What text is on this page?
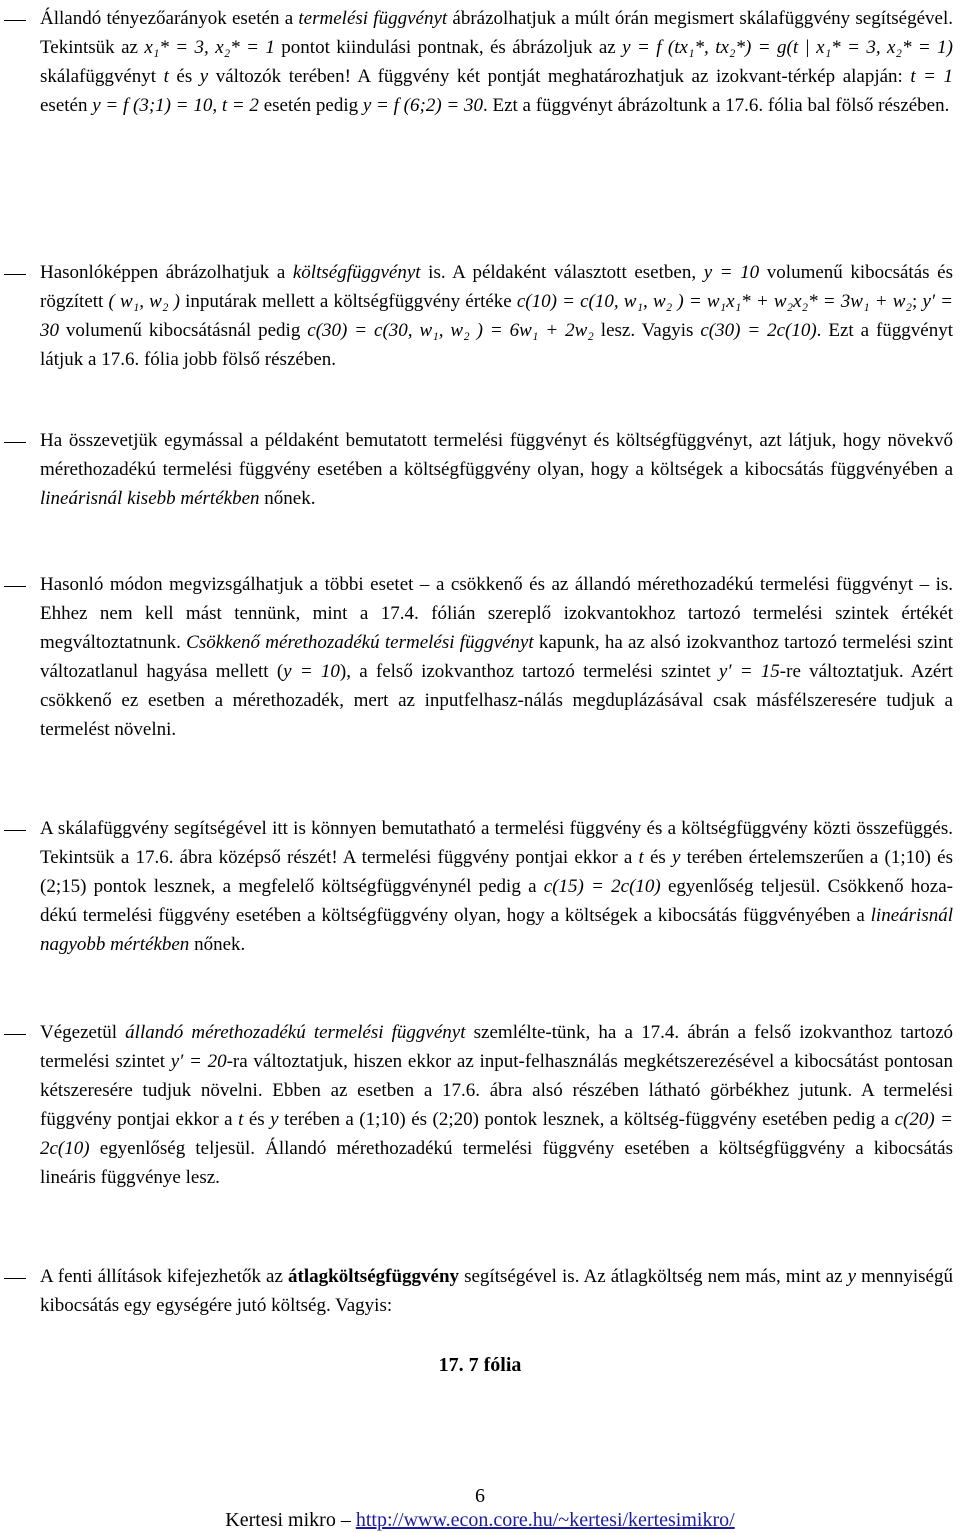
Állandó tényezőarányok esetén a termelési függvényt ábrázolhatjuk a múlt órán megismert skálafüggvény segítségével. Tekintsük az x₁* = 3, x₂* = 1 pontot kiindulási pontnak, és ábrázoljuk az y = f (tx₁*, tx₂*) = g(t | x₁* = 3, x₂* = 1) skálafüggvényt t és y változók terében! A függvény két pontját meghatározhatjuk az izokvant-térkép alapján: t = 1 esetén y = f (3;1) = 10, t = 2 esetén pedig y = f (6;2) = 30. Ezt a függvényt ábrázoltunk a 17.6. fólia bal fölső részében.
Hasonlóképpen ábrázolhatjuk a költségfüggvényt is. A példaként választott esetben, y = 10 volumenű kibocsátás és rögzített ( w₁, w₂ ) inputárak mellett a költségfüggvény értéke c(10) = c(10, w₁, w₂ ) = w₁x₁* + w₂x₂* = 3w₁ + w₂; y′ = 30 volumenű kibocsátásnál pedig c(30) = c(30, w₁, w₂ ) = 6w₁ + 2w₂ lesz. Vagyis c(30) = 2c(10). Ezt a függvényt látjuk a 17.6. fólia jobb fölső részében.
Ha összevetjük egymással a példaként bemutatott termelési függvényt és költségfüggvényt, azt látjuk, hogy növekvő mérethozadékú termelési függvény esetében a költségfüggvény olyan, hogy a költségek a kibocsátás függvényében a lineárisnál kisebb mértékben nőnek.
Hasonló módon megvizsgálhatjuk a többi esetet – a csökkenő és az állandó mérethozadékú termelési függvényt – is. Ehhez nem kell mást tennünk, mint a 17.4. fólián szereplő izokvantokhoz tartozó termelési szintek értékét megváltoztatnunk. Csökkenő mérethozadékú termelési függvényt kapunk, ha az alsó izokvanthoz tartozó termelési szint változatlanul hagyása mellett (y = 10), a felső izokvanthoz tartozó termelési szintet y′ = 15-re változtatjuk. Azért csökkenő ez esetben a mérethozadék, mert az inputfelhasz-nálás megduplázásával csak másfélszeresére tudjuk a termelést növelni.
A skálafüggvény segítségével itt is könnyen bemutatható a termelési függvény és a költségfüggvény közti összefüggés. Tekintsük a 17.6. ábra középső részét! A termelési függvény pontjai ekkor a t és y terében értelemszerűen a (1;10) és (2;15) pontok lesznek, a megfelelő költségfüggvénynél pedig a c(15) = 2c(10) egyenlőség teljesül. Csökkenő hoza-dékú termelési függvény esetében a költségfüggvény olyan, hogy a költségek a kibocsátás függvényében a lineárisnál nagyobb mértékben nőnek.
Végezetül állandó mérethozadékú termelési függvényt szemlélte-tünk, ha a 17.4. ábrán a felső izokvanthoz tartozó termelési szintet y′ = 20-ra változtatjuk, hiszen ekkor az input-felhasználás megkétszerezésével a kibocsátást pontosan kétszeresére tudjuk növelni. Ebben az esetben a 17.6. ábra alsó részében látható görbékhez jutunk. A termelési függvény pontjai ekkor a t és y terében a (1;10) és (2;20) pontok lesznek, a költség-függvény esetében pedig a c(20) = 2c(10) egyenlőség teljesül. Állandó mérethozadékú termelési függvény esetében a költségfüggvény a kibocsátás lineáris függvénye lesz.
A fenti állítások kifejezhetők az átlagköltségfüggvény segítségével is. Az átlagköltség nem más, mint az y mennyiségű kibocsátás egy egységére jutó költség. Vagyis:
17. 7 fólia
6
Kertesi mikro – http://www.econ.core.hu/~kertesi/kertesimikro/
